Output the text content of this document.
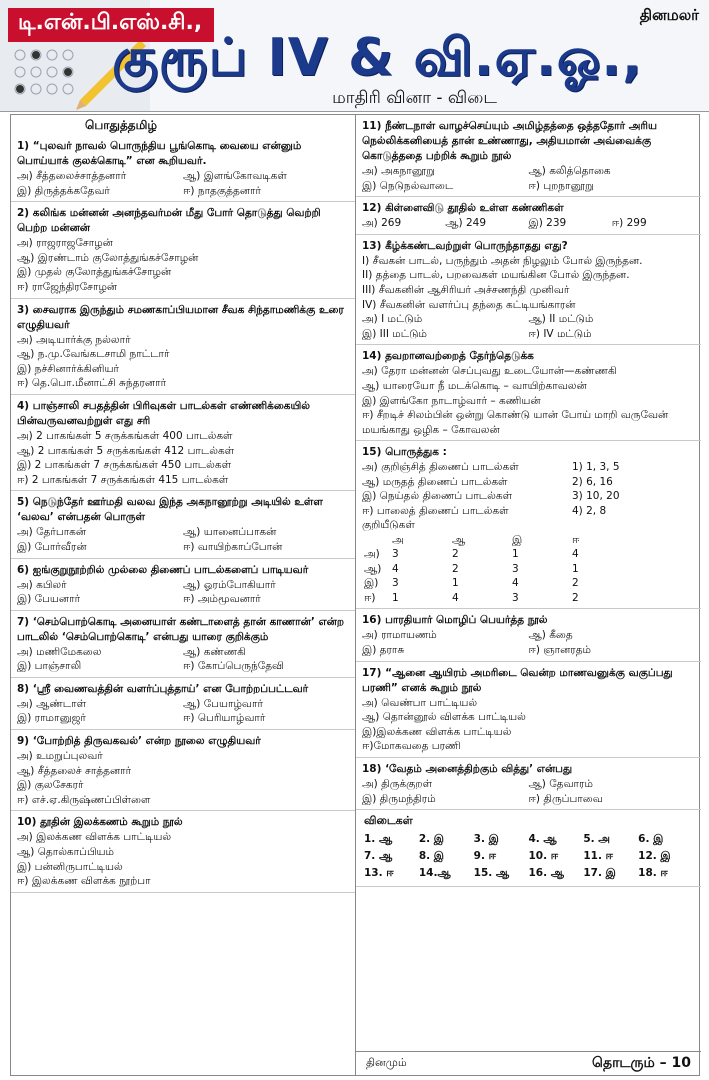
டி.என்.பி.எஸ்.சி.,	தினமலர்
குரூப் IV & வி.ஏ.ஓ.,
மாதிரி வினா - விடை
பொதுத்தமிழ்
1) “புலவர் நாவல் பொருந்திய பூங்கொடி வையை என்னும் பொய்யாக் குலக்கொடி” என கூறியவர்.
அ) சீத்தலைச்சாத்தனார்	ஆ) இளங்கோவடிகள்
இ) திருத்தக்கதேவர்	ஈ) நாதகுத்தனார்
2) கலிங்க மன்னன் அனந்தவர்மன் மீது போர் தொடுத்து வெற்றி பெற்ற மன்னன்
அ) ராஜராஜசோழன்
ஆ) இரண்டாம் குலோத்துங்கச்சோழன்
இ) முதல் குலோத்துங்கச்சோழன்
ஈ) ராஜேந்திரசோழன்
3) சைவராக இருந்தும் சமணகாப்பியமான சீவக சிந்தாமணிக்கு உரை எழுதியவர்
அ) அடியார்க்கு நல்லார்
ஆ) ந.மு.வேங்கடசாமி நாட்டார்
இ) நச்சினார்க்கினியர்
ஈ) தெ.பொ.மீனாட்சி சுந்தரனார்
4) பாஞ்சாலி சபதத்தின் பிரிவுகள் பாடல்கள் எண்ணிக்கையில் பின்வருவனவற்றுள் எது சரி
அ) 2 பாகங்கள் 5 சருக்கங்கள் 400 பாடல்கள்
ஆ) 2 பாகங்கள் 5 சருக்கங்கள் 412 பாடல்கள்
இ) 2 பாகங்கள் 7 சருக்கங்கள் 450 பாடல்கள்
ஈ) 2 பாகங்கள் 7 சருக்கங்கள் 415 பாடல்கள்
5) நெடுந்தேர் ஊர்மதி வலவ இந்த அகநானூற்று அடியில் உள்ள ‘வலவ’ என்பதன் பொருள்
அ) தேர்பாகன்	ஆ) யானைப்பாகன்
இ) போர்வீரன்	ஈ) வாயிற்காப்போன்
6) ஐங்குறுநூற்றில் முல்லை திணைப் பாடல்களைப் பாடியவர்
அ) கபிலர்	ஆ) ஓரம்போகியார்
இ) பேயனார்	ஈ) அம்மூவனார்
7) ‘செம்பொற்கொடி அனையாள் கண்டாளைத் தான் காணான்’ என்ற பாடலில் ‘செம்பொற்கொடி’ என்பது யாரை குறிக்கும்
அ) மணிமேகலை	ஆ) கண்ணகி
இ) பாஞ்சாலி	ஈ) கோப்பெருந்தேவி
8) ‘ஸ்ரீ வைணவத்தின் வளர்ப்புத்தாய்’ என போற்றப்பட்டவர்
அ) ஆண்டாள்	ஆ) பேயாழ்வார்
இ) ராமானுஜர்	ஈ) பெரியாழ்வார்
9) ‘போற்றித் திருவகவல்’ என்ற நூலை எழுதியவர்
அ) உமறுப்புலவர்
ஆ) சீத்தலைச் சாத்தனார்
இ) குலசேகரர்
ஈ) எச்.ஏ.கிருஷ்ணப்பிள்ளை
10) தூதின் இலக்கணம் கூறும் நூல்
அ) இலக்கண விளக்க பாட்டியல்
ஆ) தொல்காப்பியம்
இ) பன்னிருபாட்டியல்
ஈ) இலக்கண விளக்க நூற்பா
11) நீண்டநாள் வாழச்செய்யும் அமிழ்தத்தை ஒத்ததோர் அரிய நெல்லிக்கனியைத் தான் உண்ணாது, அதியமான் அவ்வைக்கு கொடுத்ததை பற்றிக் கூறும் நூல்
அ) அகநானூறு	ஆ) கலித்தொகை
இ) நெடுநல்வாடை	ஈ) புறநானூறு
12) கிள்ளைவிடு தூதில் உள்ள கண்ணிகள்
அ) 269	ஆ) 249	இ) 239	ஈ) 299
13) கீழ்க்கண்டவற்றுள் பொருந்தாதது எது?
I) சீவகன் பாடல், பருந்தும் அதன் நிழலும் போல் இருந்தன.
II) தத்தை பாடல், பறவைகள் மயங்கின போல் இருந்தன.
III) சீவகனின் ஆசிரியர் அச்சணந்தி முனிவர்
IV) சீவகனின் வளர்ப்பு தந்தை கட்டியங்காரன்
அ) I மட்டும்	ஆ) II மட்டும்
இ) III மட்டும்	ஈ) IV மட்டும்
14) தவறானவற்றைத் தேர்ந்தெடுக்க
அ) தேரா மன்னன் செப்புவது உடையோன்—கண்ணகி
ஆ) யாரையோ நீ மடக்கொடி – வாயிற்காவலன்
இ) இளங்கோ நாடாழ்வார் – கணியன்
ஈ) சீறடிச் சிலம்பின் ஒன்று கொண்டு யான் போய் மாறி வருவேன் மயங்காது ஒழிக – கோவலன்
15) பொருத்துக :
அ) குறிஞ்சித் திணைப் பாடல்கள்	1) 1, 3, 5
ஆ) மருதத் திணைப் பாடல்கள்	2) 6, 16
இ) நெய்தல் திணைப் பாடல்கள்	3) 10, 20
ஈ) பாலைத் திணைப் பாடல்கள்	4) 2, 8
குறியீடுகள்
அ	ஆ	இ	ஈ
அ)	3	2	1	4
ஆ)	4	2	3	1
இ)	3	1	4	2
ஈ)	1	4	3	2
16) பாரதியார் மொழிப் பெயர்த்த நூல்
அ) ராமாயணம்	ஆ) கீதை
இ) தராசு	ஈ) ஞானரதம்
17) “ஆனை ஆயிரம் அமரிடை வென்ற மாணவனுக்கு வகுப்பது பரணி” எனக் கூறும் நூல்
அ) வெண்பா பாட்டியல்
ஆ) தொன்னூல் விளக்க பாட்டியல்
இ)இலக்கண விளக்க பாட்டியல்
ஈ)மோகவதை பரணி
18) ‘வேதம் அனைத்திற்கும் வித்து’ என்பது
அ) திருக்குறள்	ஆ) தேவாரம்
இ) திருமந்திரம்	ஈ) திருப்பாவை
விடைகள்
1. ஆ	2. இ	3. இ	4. ஆ	5. அ	6. இ
7. ஆ	8. இ	9. ஈ	10. ஈ	11. ஈ	12. இ
13. ஈ	14.ஆ	15. ஆ	16. ஆ	17. இ	18. ஈ
தினமும்	தொடரும் – 10
